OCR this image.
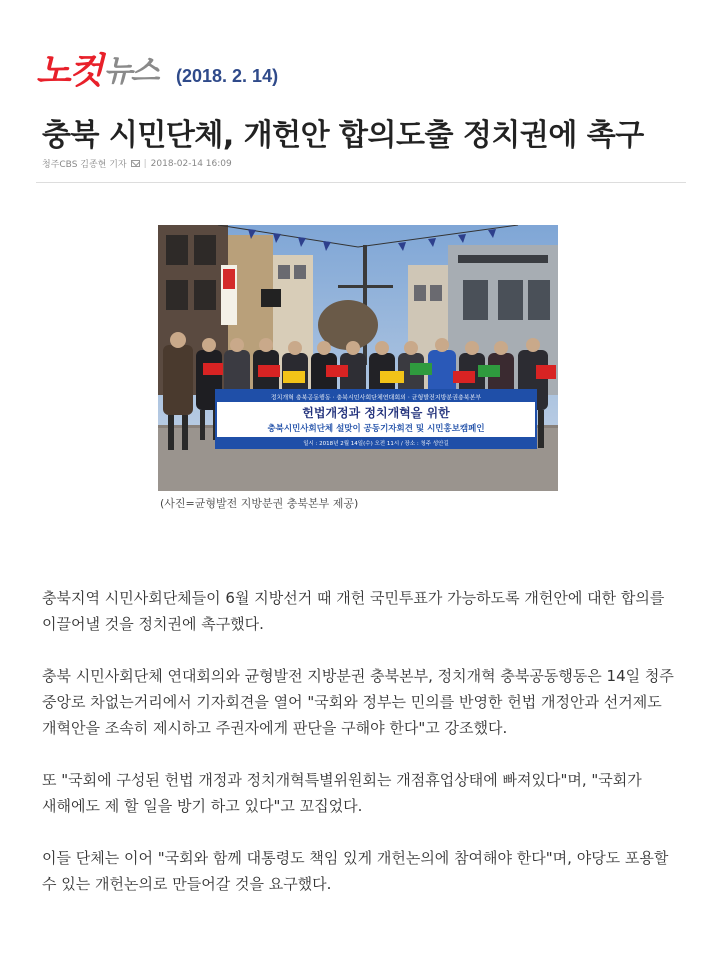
노컷 뉴스 (2018. 2. 14)
충북 시민단체, 개헌안 합의도출 정치권에 촉구
청주CBS 김종현 기자 | 2018-02-14 16:09
정치개혁 충북공동행동 · 충북시민사회단체연대회의 · 균형발전지방분권충북본부
헌법개정과 정치개혁을 위한
충북시민사회단체 설맞이 공동기자회견 및 시민홍보캠페인
일시 : 2018년 2월 14일(수) 오전 11시 / 장소 : 청주 성안길
(사진=균형발전 지방분권 충북본부 제공)

충북지역 시민사회단체들이 6월 지방선거 때 개헌 국민투표가 가능하도록 개헌안에 대한 합의를 이끌어낼 것을 정치권에 촉구했다.

충북 시민사회단체 연대회의와 균형발전 지방분권 충북본부, 정치개혁 충북공동행동은 14일 청주 중앙로 차없는거리에서 기자회견을 열어 "국회와 정부는 민의를 반영한 헌법 개정안과 선거제도 개혁안을 조속히 제시하고 주권자에게 판단을 구해야 한다"고 강조했다.

또 "국회에 구성된 헌법 개정과 정치개혁특별위원회는 개점휴업상태에 빠져있다"며, "국회가 새해에도 제 할 일을 방기 하고 있다"고 꼬집었다.

이들 단체는 이어 "국회와 함께 대통령도 책임 있게 개헌논의에 참여해야 한다"며, 야당도 포용할 수 있는 개헌논의로 만들어갈 것을 요구했다.
